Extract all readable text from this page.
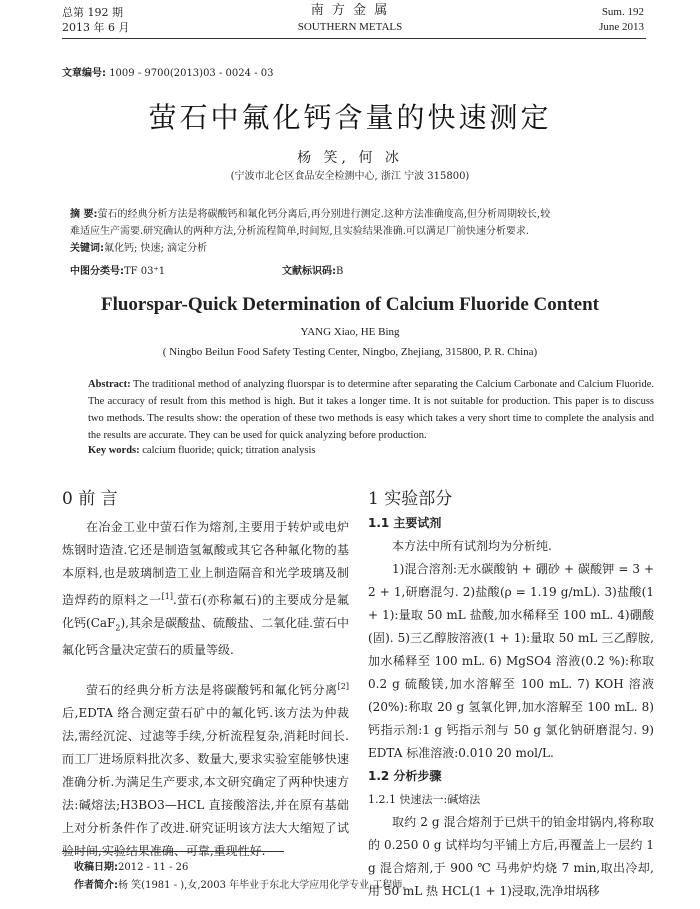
总第 192 期
2013 年 6 月
南 方 金 属
SOUTHERN METALS
Sum. 192
June 2013
文章编号: 1009 - 9700(2013)03 - 0024 - 03
萤石中氟化钙含量的快速测定
杨 笑, 何 冰
(宁波市北仑区食品安全检测中心, 浙江 宁波 315800)
摘 要:萤石的经典分析方法是将碳酸钙和氟化钙分离后,再分别进行测定.这种方法准确度高,但分析周期较长,较
难适应生产需要.研究确认的两种方法,分析流程简单,时间短,且实验结果准确.可以满足厂前快速分析要求.
关键词:氟化钙; 快速; 滴定分析
中图分类号:TF 03⁺1	文献标识码:B
Fluorspar-Quick Determination of Calcium Fluoride Content
YANG Xiao, HE Bing
( Ningbo Beilun Food Safety Testing Center, Ningbo, Zhejiang, 315800, P. R. China)
Abstract: The traditional method of analyzing fluorspar is to determine after separating the Calcium Carbonate and Calcium Fluoride. The accuracy of result from this method is high. But it takes a longer time. It is not suitable for production. This paper is to discuss two methods. The results show: the operation of these two methods is easy which takes a very short time to complete the analysis and the results are accurate. They can be used for quick analyzing before production.
Key words: calcium fluoride; quick; titration analysis
0 前 言

在冶金工业中萤石作为熔剂,主要用于转炉或电炉炼钢时造渣.它还是制造氢氟酸或其它各种氟化物的基本原料,也是玻璃制造工业上制造隔音和光学玻璃及制造焊药的原料之一[1].萤石(亦称氟石)的主要成分是氟化钙(CaF$_2$),其余是碳酸盐、硫酸盐、二氧化硅.萤石中氟化钙含量决定萤石的质量等级.

萤石的经典分析方法是将碳酸钙和氟化钙分离[2]后,EDTA 络合测定萤石矿中的氟化钙.该方法为仲裁法,需经沉淀、过滤等手续,分析流程复杂,消耗时间长.而工厂进场原料批次多、数量大,要求实验室能够快速准确分析.为满足生产要求,本文研究确定了两种快速方法:碱熔法;H3BO3—HCL 直接酸溶法,并在原有基础上对分析条件作了改进.研究证明该方法大大缩短了试验时间,实验结果准确、可靠,重现性好.

1 实验部分
1.1 主要试剂

本方法中所有试剂均为分析纯.

1)混合溶剂:无水碳酸钠 + 硼砂 + 碳酸钾 = 3 + 2 + 1,研磨混匀. 2)盐酸(ρ = 1.19 g/mL). 3)盐酸(1 + 1):量取 50 mL 盐酸,加水稀释至 100 mL. 4)硼酸(固). 5)三乙醇胺溶液(1 + 1):量取 50 mL 三乙醇胺,加水稀释至 100 mL. 6) MgSO4 溶液(0.2 %):称取 0.2 g 硫酸镁,加水溶解至 100 mL. 7) KOH 溶液(20%):称取 20 g 氢氧化钾,加水溶解至 100 mL. 8)钙指示剂:1 g 钙指示剂与 50 g 氯化钠研磨混匀. 9) EDTA 标准溶液:0.010 20 mol/L.

1.2 分析步骤
1.2.1 快速法一:碱熔法

取约 2 g 混合熔剂于已烘干的铂金坩锅内,将称取的 0.250 0 g 试样均匀平铺上方后,再覆盖上一层约 1 g 混合熔剂,于 900 ℃ 马弗炉灼烧 7 min,取出冷却,用 50 mL 热 HCL(1 + 1)浸取,洗净坩埚移

收稿日期:2012 - 11 - 26
作者简介:杨 笑(1981 - ),女,2003 年毕业于东北大学应用化学专业,工程师.
